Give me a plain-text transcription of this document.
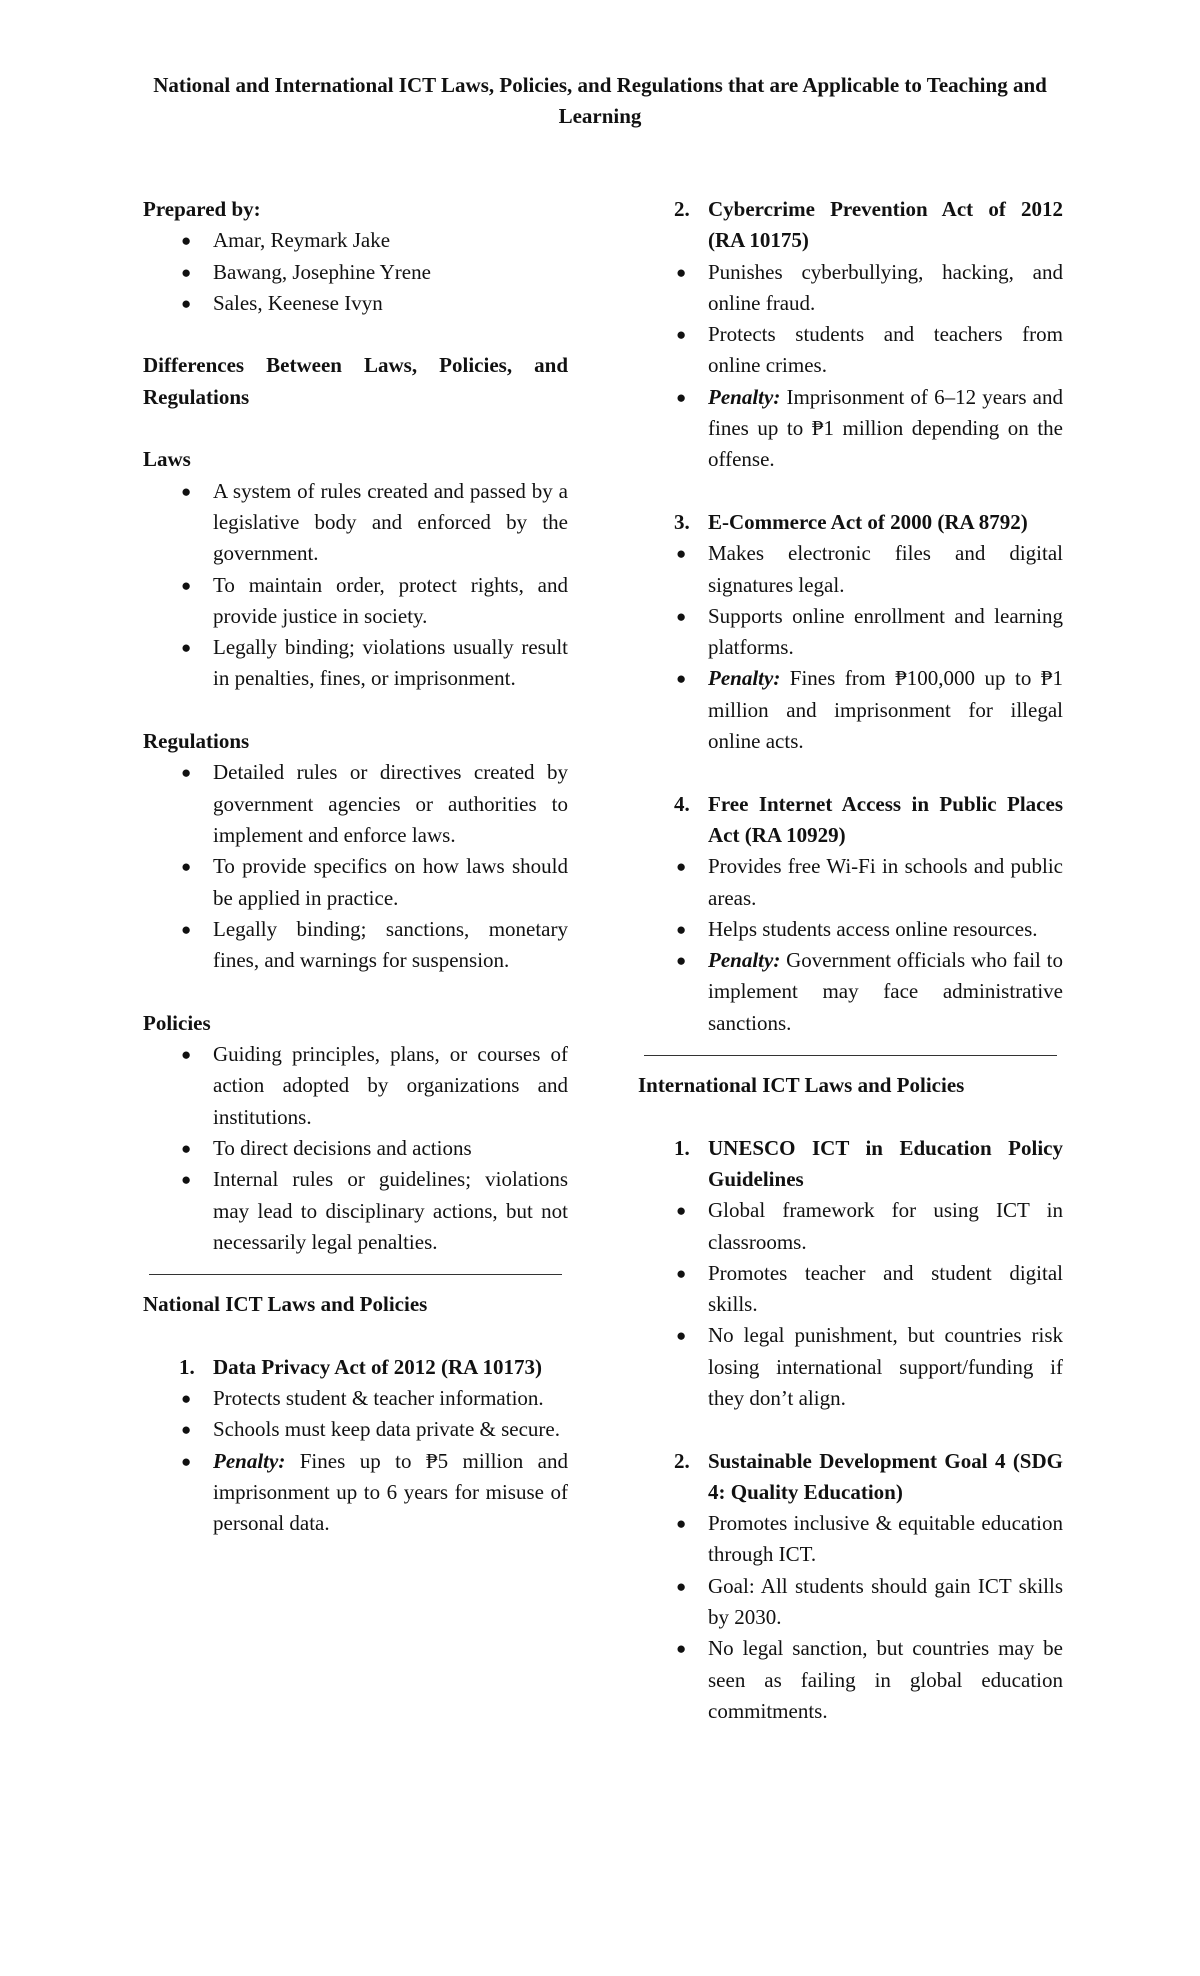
National and International ICT Laws, Policies, and Regulations that are Applicable to Teaching and Learning
Prepared by:
● Amar, Reymark Jake
● Bawang, Josephine Yrene
● Sales, Keenese Ivyn
Differences Between Laws, Policies, and Regulations
Laws
● A system of rules created and passed by a legislative body and enforced by the government.
● To maintain order, protect rights, and provide justice in society.
● Legally binding; violations usually result in penalties, fines, or imprisonment.
Regulations
● Detailed rules or directives created by government agencies or authorities to implement and enforce laws.
● To provide specifics on how laws should be applied in practice.
● Legally binding; sanctions, monetary fines, and warnings for suspension.
Policies
● Guiding principles, plans, or courses of action adopted by organizations and institutions.
● To direct decisions and actions
● Internal rules or guidelines; violations may lead to disciplinary actions, but not necessarily legal penalties.
National ICT Laws and Policies
1. Data Privacy Act of 2012 (RA 10173)
● Protects student & teacher information.
● Schools must keep data private & secure.
● Penalty: Fines up to ₱5 million and imprisonment up to 6 years for misuse of personal data.
2. Cybercrime Prevention Act of 2012 (RA 10175)
● Punishes cyberbullying, hacking, and online fraud.
● Protects students and teachers from online crimes.
● Penalty: Imprisonment of 6–12 years and fines up to ₱1 million depending on the offense.
3. E-Commerce Act of 2000 (RA 8792)
● Makes electronic files and digital signatures legal.
● Supports online enrollment and learning platforms.
● Penalty: Fines from ₱100,000 up to ₱1 million and imprisonment for illegal online acts.
4. Free Internet Access in Public Places Act (RA 10929)
● Provides free Wi-Fi in schools and public areas.
● Helps students access online resources.
● Penalty: Government officials who fail to implement may face administrative sanctions.
International ICT Laws and Policies
1. UNESCO ICT in Education Policy Guidelines
● Global framework for using ICT in classrooms.
● Promotes teacher and student digital skills.
● No legal punishment, but countries risk losing international support/funding if they don’t align.
2. Sustainable Development Goal 4 (SDG 4: Quality Education)
● Promotes inclusive & equitable education through ICT.
● Goal: All students should gain ICT skills by 2030.
● No legal sanction, but countries may be seen as failing in global education commitments.
